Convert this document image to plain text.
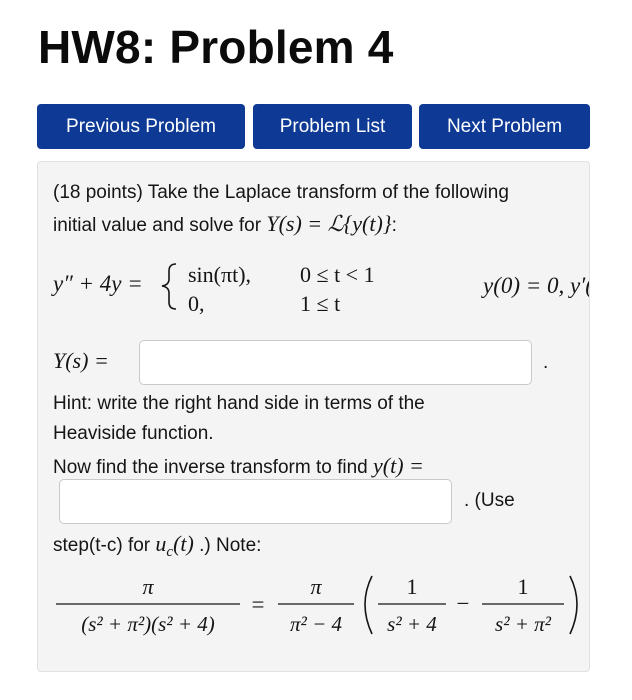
HW8: Problem 4
Previous Problem	Problem List	Next Problem
(18 points) Take the Laplace transform of the following
initial value and solve for Y(s) = ℒ{y(t)}:
y″ + 4y = sin(πt), 0 ≤ t < 1
0,	1 ≤ t
y(0) = 0, y′(0
Y(s) =	.
Hint: write the right hand side in terms of the
Heaviside function.
Now find the inverse transform to find y(t) =
. (Use
step(t-c) for $u_c(t)$ .) Note:
π
(s² + π²)(s² + 4)
=
π
π² − 4
1
s² + 4
−
1
s² + π²
